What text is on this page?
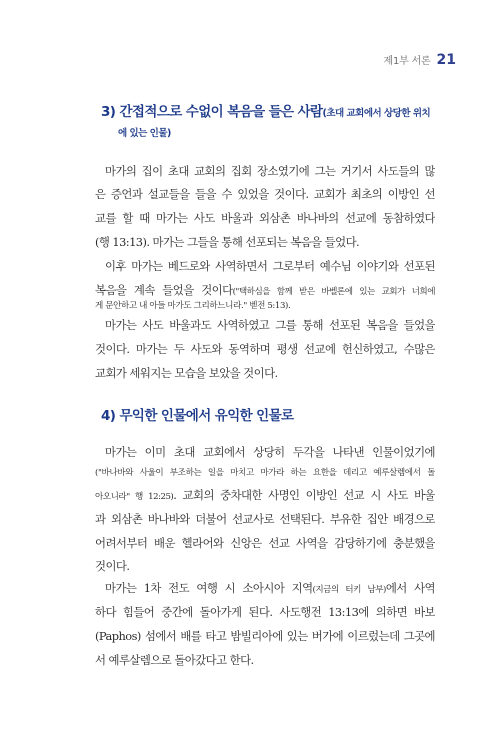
제1부 서론 21
3) 간접적으로 수없이 복음을 들은 사람(초대 교회에서 상당한 위치
에 있는 인물)
마가의 집이 초대 교회의 집회 장소였기에 그는 거기서 사도들의 많
은 증언과 설교들을 들을 수 있었을 것이다. 교회가 최초의 이방인 선
교를 할 때 마가는 사도 바울과 외삼촌 바나바의 선교에 동참하였다
(행 13:13). 마가는 그들을 통해 선포되는 복음을 들었다.
이후 마가는 베드로와 사역하면서 그로부터 예수님 이야기와 선포된
복음을 계속 들었을 것이다("택하심을 함께 받은 바벨론에 있는 교회가 너희에
게 문안하고 내 아들 마가도 그리하느니라." 벧전 5:13).
마가는 사도 바울과도 사역하였고 그를 통해 선포된 복음을 들었을
것이다. 마가는 두 사도와 동역하며 평생 선교에 헌신하였고, 수많은
교회가 세워지는 모습을 보았을 것이다.
4) 무익한 인물에서 유익한 인물로
마가는 이미 초대 교회에서 상당히 두각을 나타낸 인물이었기에
("바나바와 사울이 부조하는 일을 마치고 마가라 하는 요한을 데리고 예루살렘에서 돌
아오니라" 행 12:25). 교회의 중차대한 사명인 이방인 선교 시 사도 바울
과 외삼촌 바나바와 더불어 선교사로 선택된다. 부유한 집안 배경으로
어려서부터 배운 헬라어와 신앙은 선교 사역을 감당하기에 충분했을
것이다.
마가는 1차 전도 여행 시 소아시아 지역(지금의 터키 남부)에서 사역
하다 힘들어 중간에 돌아가게 된다. 사도행전 13:13에 의하면 바보
(Paphos) 섬에서 배를 타고 밤빌리아에 있는 버가에 이르렀는데 그곳에
서 예루살렘으로 돌아갔다고 한다.
